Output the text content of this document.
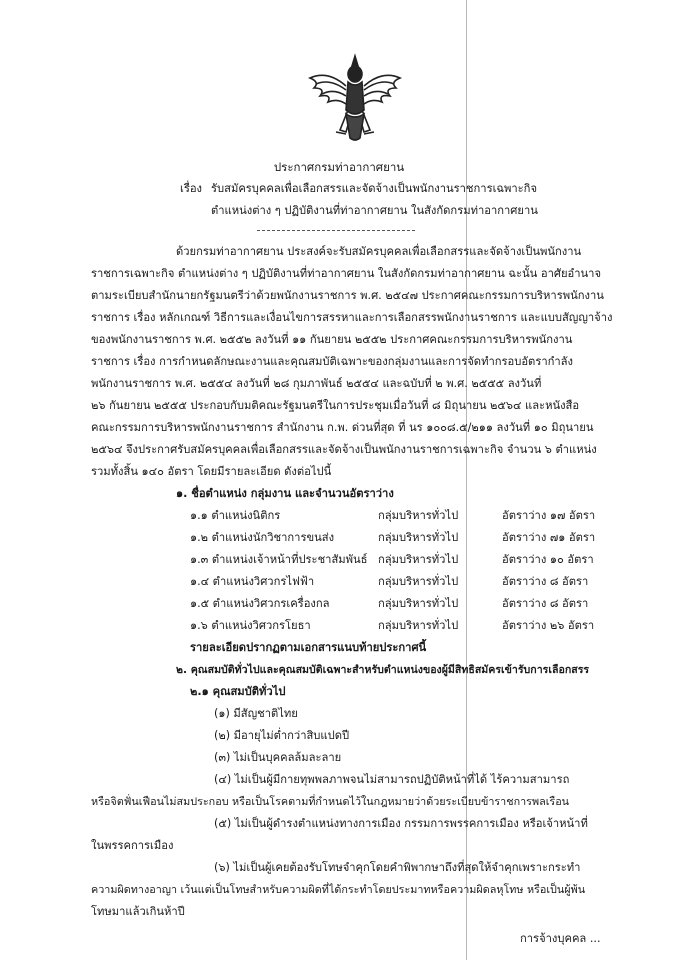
ประกาศกรมท่าอากาศยาน
เรื่อง รับสมัครบุคคลเพื่อเลือกสรรและจัดจ้างเป็นพนักงานราชการเฉพาะกิจ
ตำแหน่งต่าง ๆ ปฏิบัติงานที่ท่าอากาศยาน ในสังกัดกรมท่าอากาศยาน
ด้วยกรมท่าอากาศยาน ประสงค์จะรับสมัครบุคคลเพื่อเลือกสรรและจัดจ้างเป็นพนักงาน
ราชการเฉพาะกิจ ตำแหน่งต่าง ๆ ปฏิบัติงานที่ท่าอากาศยาน ในสังกัดกรมท่าอากาศยาน ฉะนั้น อาศัยอำนาจ
ตามระเบียบสำนักนายกรัฐมนตรีว่าด้วยพนักงานราชการ พ.ศ. ๒๕๔๗ ประกาศคณะกรรมการบริหารพนักงาน
ราชการ เรื่อง หลักเกณฑ์ วิธีการและเงื่อนไขการสรรหาและการเลือกสรรพนักงานราชการ และแบบสัญญาจ้าง
ของพนักงานราชการ พ.ศ. ๒๕๕๒ ลงวันที่ ๑๑ กันยายน ๒๕๕๒ ประกาศคณะกรรมการบริหารพนักงาน
ราชการ เรื่อง การกำหนดลักษณะงานและคุณสมบัติเฉพาะของกลุ่มงานและการจัดทำกรอบอัตรากำลัง
พนักงานราชการ พ.ศ. ๒๕๕๔ ลงวันที่ ๒๘ กุมภาพันธ์ ๒๕๕๔ และฉบับที่ ๒ พ.ศ. ๒๕๕๕ ลงวันที่
๒๖ กันยายน ๒๕๕๕ ประกอบกับมติคณะรัฐมนตรีในการประชุมเมื่อวันที่ ๘ มิถุนายน ๒๕๖๔ และหนังสือ
คณะกรรมการบริหารพนักงานราชการ สำนักงาน ก.พ. ด่วนที่สุด ที่ นร ๑๐๐๘.๕/๒๑๑ ลงวันที่ ๑๐ มิถุนายน
๒๕๖๔ จึงประกาศรับสมัครบุคคลเพื่อเลือกสรรและจัดจ้างเป็นพนักงานราชการเฉพาะกิจ จำนวน ๖ ตำแหน่ง
รวมทั้งสิ้น ๑๔๐ อัตรา โดยมีรายละเอียด ดังต่อไปนี้
๑. ชื่อตำแหน่ง กลุ่มงาน และจำนวนอัตราว่าง
๑.๑ ตำแหน่งนิติกร	กลุ่มบริหารทั่วไป	อัตราว่าง ๑๗ อัตรา
๑.๒ ตำแหน่งนักวิชาการขนส่ง	กลุ่มบริหารทั่วไป	อัตราว่าง ๗๑ อัตรา
๑.๓ ตำแหน่งเจ้าหน้าที่ประชาสัมพันธ์ กลุ่มบริหารทั่วไป	อัตราว่าง ๑๐ อัตรา
๑.๔ ตำแหน่งวิศวกรไฟฟ้า	กลุ่มบริหารทั่วไป	อัตราว่าง ๘ อัตรา
๑.๕ ตำแหน่งวิศวกรเครื่องกล	กลุ่มบริหารทั่วไป	อัตราว่าง ๘ อัตรา
๑.๖ ตำแหน่งวิศวกรโยธา	กลุ่มบริหารทั่วไป	อัตราว่าง ๒๖ อัตรา
รายละเอียดปรากฏตามเอกสารแนบท้ายประกาศนี้
๒. คุณสมบัติทั่วไปและคุณสมบัติเฉพาะสำหรับตำแหน่งของผู้มีสิทธิสมัครเข้ารับการเลือกสรร
๒.๑ คุณสมบัติทั่วไป
(๑) มีสัญชาติไทย
(๒) มีอายุไม่ต่ำกว่าสิบแปดปี
(๓) ไม่เป็นบุคคลล้มละลาย
(๔) ไม่เป็นผู้มีกายทุพพลภาพจนไม่สามารถปฏิบัติหน้าที่ได้ ไร้ความสามารถ
หรือจิตฟั่นเฟือนไม่สมประกอบ หรือเป็นโรคตามที่กำหนดไว้ในกฎหมายว่าด้วยระเบียบข้าราชการพลเรือน
(๕) ไม่เป็นผู้ดำรงตำแหน่งทางการเมือง กรรมการพรรคการเมือง หรือเจ้าหน้าที่
ในพรรคการเมือง
(๖) ไม่เป็นผู้เคยต้องรับโทษจำคุกโดยคำพิพากษาถึงที่สุดให้จำคุกเพราะกระทำ
ความผิดทางอาญา เว้นแต่เป็นโทษสำหรับความผิดที่ได้กระทำโดยประมาทหรือความผิดลหุโทษ หรือเป็นผู้พ้น
โทษมาแล้วเกินห้าปี
การจ้างบุคคล ...
